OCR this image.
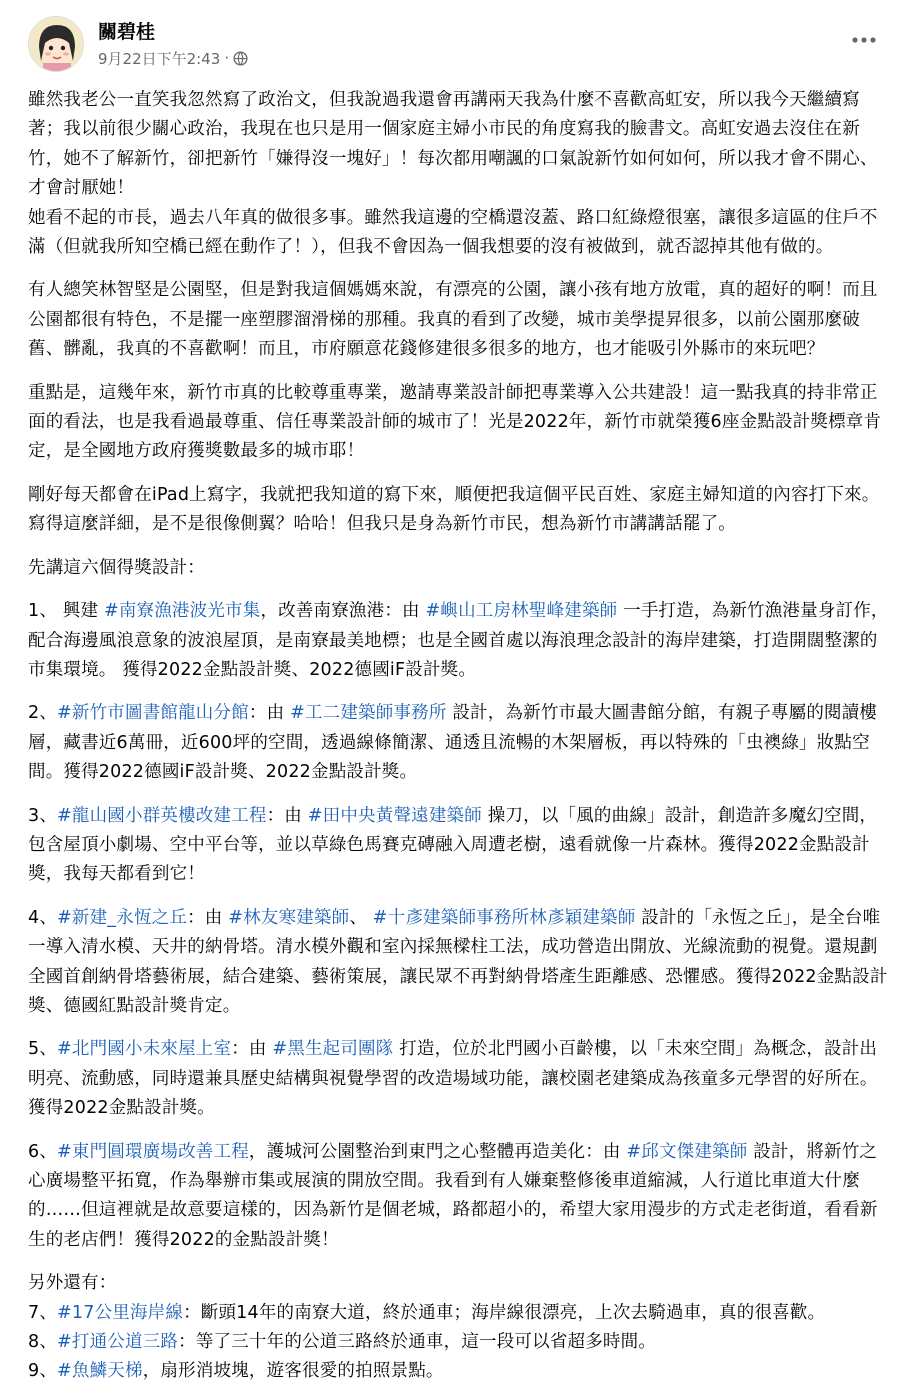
關碧桂
9月22日下午2:43 ·

雖然我老公一直笑我忽然寫了政治文，但我說過我還會再講兩天我為什麼不喜歡高虹安，所以我今天繼續寫著；我以前很少關心政治，我現在也只是用一個家庭主婦小市民的角度寫我的臉書文。高虹安過去沒住在新竹，她不了解新竹，卻把新竹「嫌得沒一塊好」！每次都用嘲諷的口氣說新竹如何如何，所以我才會不開心、才會討厭她！
她看不起的市長，過去八年真的做很多事。雖然我這邊的空橋還沒蓋、路口紅綠燈很塞，讓很多這區的住戶不滿（但就我所知空橋已經在動作了！），但我不會因為一個我想要的沒有被做到，就否認掉其他有做的。

有人總笑林智堅是公園堅，但是對我這個媽媽來說，有漂亮的公園，讓小孩有地方放電，真的超好的啊！而且公園都很有特色，不是擺一座塑膠溜滑梯的那種。我真的看到了改變，城市美學提昇很多，以前公園那麼破舊、髒亂，我真的不喜歡啊！而且，市府願意花錢修建很多很多的地方，也才能吸引外縣市的來玩吧？

重點是，這幾年來，新竹市真的比較尊重專業，邀請專業設計師把專業導入公共建設！這一點我真的持非常正面的看法，也是我看過最尊重、信任專業設計師的城市了！光是2022年，新竹市就榮獲6座金點設計獎標章肯定，是全國地方政府獲獎數最多的城市耶！

剛好每天都會在iPad上寫字，我就把我知道的寫下來，順便把我這個平民百姓、家庭主婦知道的內容打下來。寫得這麼詳細，是不是很像側翼？哈哈！但我只是身為新竹市民，想為新竹市講講話罷了。

先講這六個得獎設計：

1、 興建 #南寮漁港波光市集，改善南寮漁港：由 #嶼山工房林聖峰建築師 一手打造，為新竹漁港量身訂作，配合海邊風浪意象的波浪屋頂，是南寮最美地標；也是全國首處以海浪理念設計的海岸建築，打造開闊整潔的市集環境。 獲得2022金點設計獎、2022德國iF設計獎。

2、#新竹市圖書館龍山分館：由 #工二建築師事務所 設計，為新竹市最大圖書館分館，有親子專屬的閱讀樓層，藏書近6萬冊，近600坪的空間，透過線條簡潔、通透且流暢的木架層板，再以特殊的「虫襖綠」妝點空間。獲得2022德國iF設計獎、2022金點設計獎。

3、#龍山國小群英樓改建工程：由 #田中央黃聲遠建築師 操刀，以「風的曲線」設計，創造許多魔幻空間，包含屋頂小劇場、空中平台等，並以草綠色馬賽克磚融入周遭老樹，遠看就像一片森林。獲得2022金點設計獎，我每天都看到它！

4、#新建_永恆之丘：由 #林友寒建築師、 #十彥建築師事務所林彥穎建築師 設計的「永恆之丘」，是全台唯一導入清水模、天井的納骨塔。清水模外觀和室內採無樑柱工法，成功營造出開放、光線流動的視覺。還規劃全國首創納骨塔藝術展，結合建築、藝術策展，讓民眾不再對納骨塔產生距離感、恐懼感。獲得2022金點設計獎、德國紅點設計獎肯定。

5、#北門國小未來屋上室：由 #黑生起司團隊 打造，位於北門國小百齡樓，以「未來空間」為概念，設計出明亮、流動感，同時還兼具歷史結構與視覺學習的改造場域功能，讓校園老建築成為孩童多元學習的好所在。獲得2022金點設計獎。

6、#東門圓環廣場改善工程，護城河公園整治到東門之心整體再造美化：由 #邱文傑建築師 設計，將新竹之心廣場整平拓寬，作為舉辦市集或展演的開放空間。我看到有人嫌棄整修後車道縮減，人行道比車道大什麼的……但這裡就是故意要這樣的，因為新竹是個老城，路都超小的，希望大家用漫步的方式走老街道，看看新生的老店們！獲得2022的金點設計獎！

另外還有：

7、#17公里海岸線：斷頭14年的南寮大道，終於通車；海岸線很漂亮，上次去騎過車，真的很喜歡。

8、#打通公道三路：等了三十年的公道三路終於通車，這一段可以省超多時間。

9、#魚鱗天梯，扇形消坡塊，遊客很愛的拍照景點。
